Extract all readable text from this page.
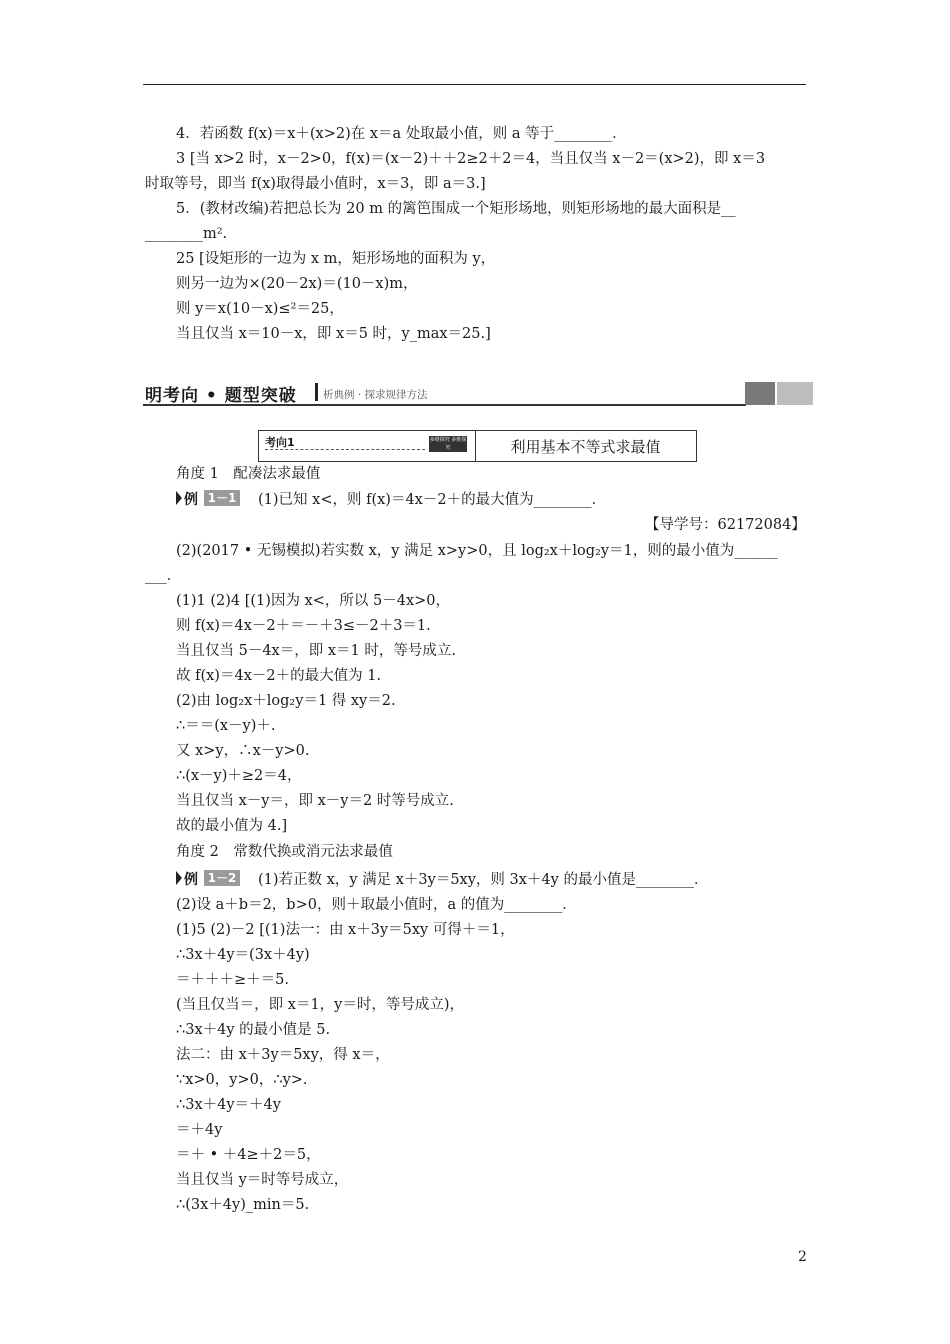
4．若函数 f(x)＝x＋(x>2)在 x＝a 处取最小值，则 a 等于________．
3 [当 x>2 时，x－2>0，f(x)＝(x－2)＋＋2≥2＋2＝4，当且仅当 x－2＝(x>2)，即 x＝3
时取等号，即当 f(x)取得最小值时，x＝3，即 a＝3.]
5．(教材改编)若把总长为 20 m 的篱笆围成一个矩形场地，则矩形场地的最大面积是__
________m².
25 [设矩形的一边为 x m，矩形场地的面积为 y，
则另一边为×(20－2x)＝(10－x)m，
则 y＝x(10－x)≤²＝25，
当且仅当 x＝10－x，即 x＝5 时，y_max＝25.]
明考向 • 题型突破	析典例 · 探求规律方法
考向1	多维探究 多维探究	利用基本不等式求最值
角度 1　配凑法求最值
例 1－1 (1)已知 x<，则 f(x)＝4x－2＋的最大值为________．
【导学号：62172084】
(2)(2017 • 无锡模拟)若实数 x，y 满足 x>y>0，且 log₂x＋log₂y＝1，则的最小值为______
___．
(1)1 (2)4 [(1)因为 x<，所以 5－4x>0，
则 f(x)＝4x－2＋＝－＋3≤－2＋3＝1.
当且仅当 5－4x＝，即 x＝1 时，等号成立.
故 f(x)＝4x－2＋的最大值为 1.
(2)由 log₂x＋log₂y＝1 得 xy＝2.
∴＝＝(x－y)＋.
又 x>y，∴x－y>0.
∴(x－y)＋≥2＝4，
当且仅当 x－y＝，即 x－y＝2 时等号成立.
故的最小值为 4.]
角度 2　常数代换或消元法求最值
例 1－2 (1)若正数 x，y 满足 x＋3y＝5xy，则 3x＋4y 的最小值是________．
(2)设 a＋b＝2，b>0，则＋取最小值时，a 的值为________．
(1)5 (2)－2 [(1)法一：由 x＋3y＝5xy 可得＋＝1，
∴3x＋4y＝(3x＋4y)
＝＋＋＋≥＋＝5.
(当且仅当＝，即 x＝1，y＝时，等号成立)，
∴3x＋4y 的最小值是 5.
法二：由 x＋3y＝5xy，得 x＝，
∵x>0，y>0，∴y>.
∴3x＋4y＝＋4y
＝＋4y
＝＋ • ＋4≥＋2＝5，
当且仅当 y＝时等号成立，
∴(3x＋4y)_min＝5.
2
